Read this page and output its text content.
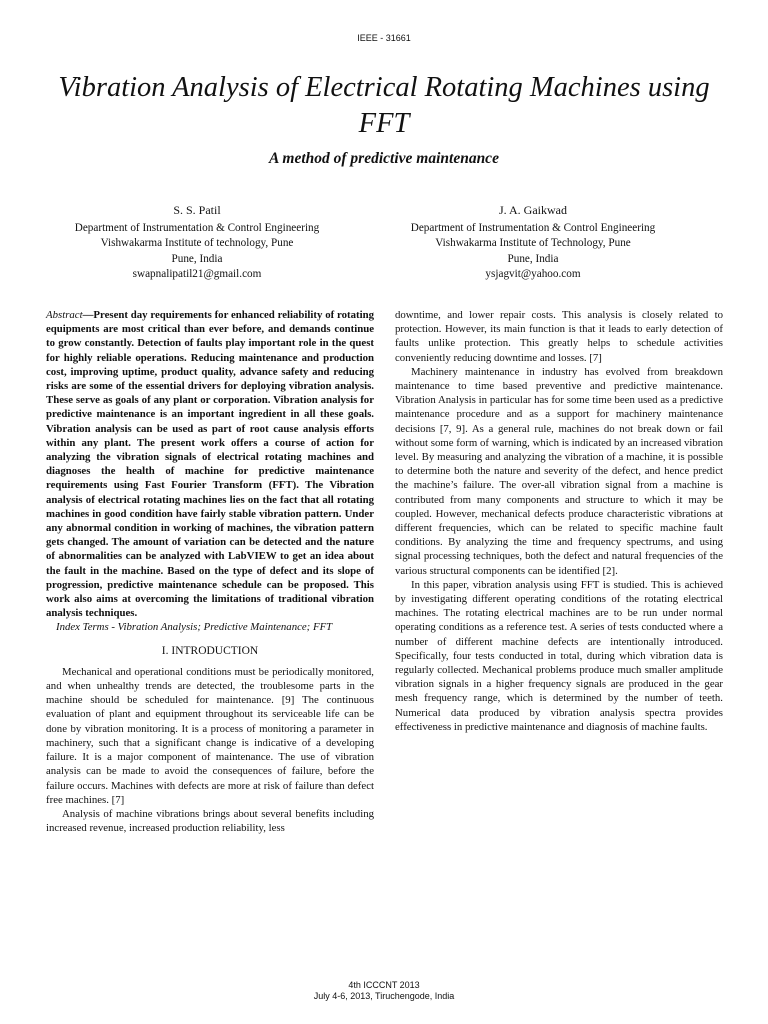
IEEE - 31661
Vibration Analysis of Electrical Rotating Machines using FFT
A method of predictive maintenance
S. S. Patil
Department of Instrumentation & Control Engineering
Vishwakarma Institute of technology, Pune
Pune, India
swapnalipatil21@gmail.com
J. A. Gaikwad
Department of Instrumentation & Control Engineering
Vishwakarma Institute of Technology, Pune
Pune, India
ysjagvit@yahoo.com

Abstract—Present day requirements for enhanced reliability of rotating equipments are most critical than ever before, and demands continue to grow constantly. Detection of faults play important role in the quest for highly reliable operations. Reducing maintenance and production cost, improving uptime, product quality, advance safety and reducing risks are some of the essential drivers for deploying vibration analysis. These serve as goals of any plant or corporation. Vibration analysis for predictive maintenance is an important ingredient in all these goals. Vibration analysis can be used as part of root cause analysis efforts within any plant. The present work offers a course of action for analyzing the vibration signals of electrical rotating machines and diagnoses the health of machine for predictive maintenance requirements using Fast Fourier Transform (FFT). The Vibration analysis of electrical rotating machines lies on the fact that all rotating machines in good condition have fairly stable vibration pattern. Under any abnormal condition in working of machines, the vibration pattern gets changed. The amount of variation can be detected and the nature of abnormalities can be analyzed with LabVIEW to get an idea about the fault in the machine. Based on the type of defect and its slope of progression, predictive maintenance schedule can be proposed. This work also aims at overcoming the limitations of traditional vibration analysis techniques.

Index Terms - Vibration Analysis; Predictive Maintenance; FFT

I. INTRODUCTION

Mechanical and operational conditions must be periodically monitored, and when unhealthy trends are detected, the troublesome parts in the machine should be scheduled for maintenance. [9] The continuous evaluation of plant and equipment throughout its serviceable life can be done by vibration monitoring. It is a process of monitoring a parameter in machinery, such that a significant change is indicative of a developing failure. It is a major component of maintenance. The use of vibration analysis can be made to avoid the consequences of failure, before the failure occurs. Machines with defects are more at risk of failure than defect free machines. [7]

Analysis of machine vibrations brings about several benefits including increased revenue, increased production reliability, less

downtime, and lower repair costs. This analysis is closely related to protection. However, its main function is that it leads to early detection of faults unlike protection. This greatly helps to schedule activities conveniently reducing downtime and losses. [7]

Machinery maintenance in industry has evolved from breakdown maintenance to time based preventive and predictive maintenance. Vibration Analysis in particular has for some time been used as a predictive maintenance procedure and as a support for machinery maintenance decisions [7, 9]. As a general rule, machines do not break down or fail without some form of warning, which is indicated by an increased vibration level. By measuring and analyzing the vibration of a machine, it is possible to determine both the nature and severity of the defect, and hence predict the machine’s failure. The over-all vibration signal from a machine is contributed from many components and structure to which it may be coupled. However, mechanical defects produce characteristic vibrations at different frequencies, which can be related to specific machine fault conditions. By analyzing the time and frequency spectrums, and using signal processing techniques, both the defect and natural frequencies of the various structural components can be identified [2].

In this paper, vibration analysis using FFT is studied. This is achieved by investigating different operating conditions of the rotating electrical machines. The rotating electrical machines are to be run under normal operating conditions as a reference test. A series of tests conducted where a number of different machine defects are intentionally introduced. Specifically, four tests conducted in total, during which vibration data is regularly collected. Mechanical problems produce much smaller amplitude vibration signals in a higher frequency signals are produced in the gear mesh frequency range, which is determined by the number of teeth. Numerical data produced by vibration analysis spectra provides effectiveness in predictive maintenance and diagnosis of machine faults.

4th ICCCNT 2013
July 4-6, 2013, Tiruchengode, India
